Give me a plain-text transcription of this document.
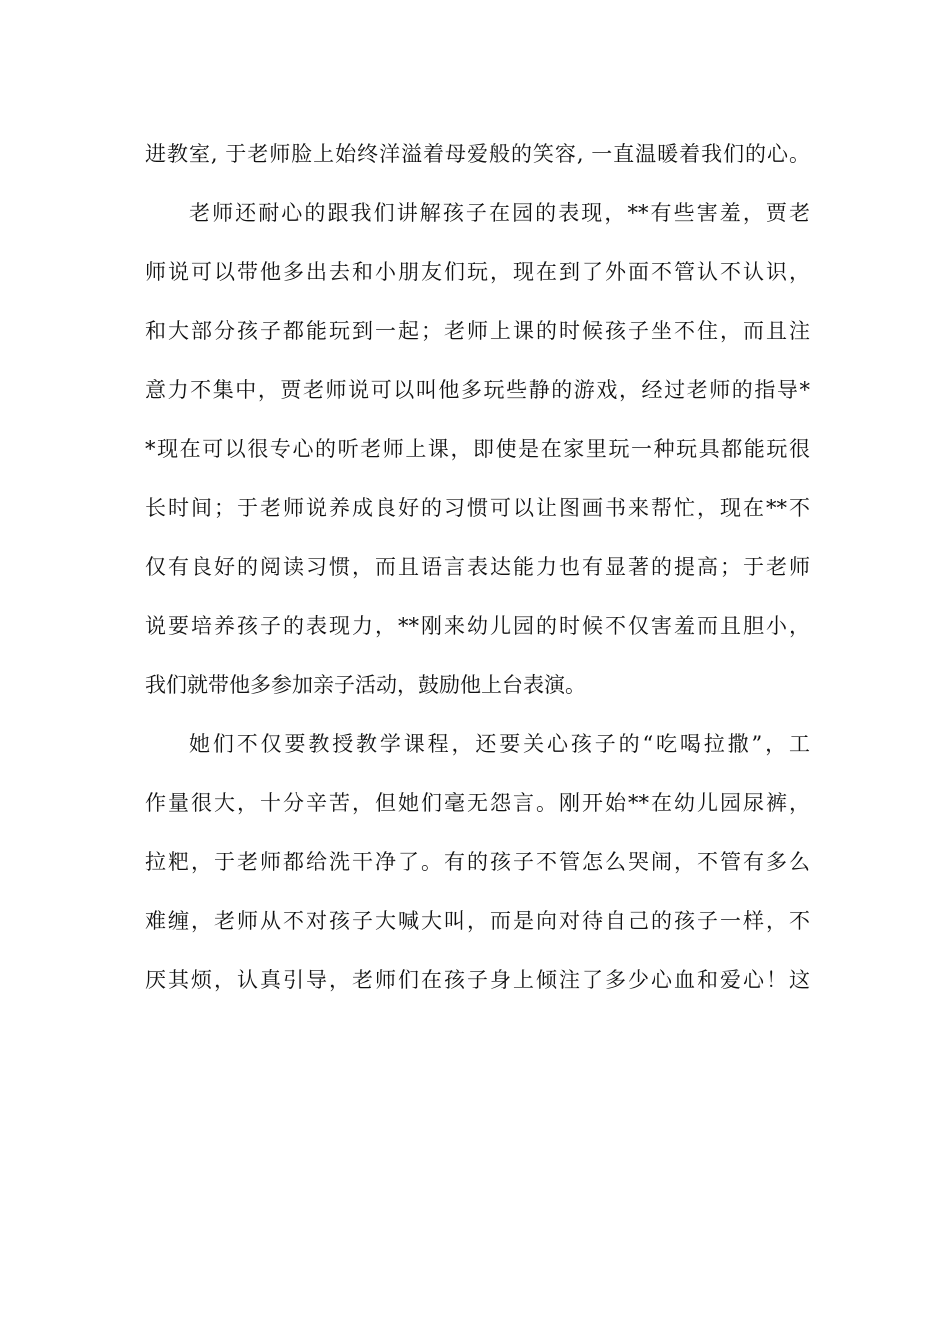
进教室, 于老师脸上始终洋溢着母爱般的笑容, 一直温暖着我们的心。
老师还耐心的跟我们讲解孩子在园的表现，**有些害羞，贾老
师说可以带他多出去和小朋友们玩，现在到了外面不管认不认识，
和大部分孩子都能玩到一起；老师上课的时候孩子坐不住，而且注
意力不集中，贾老师说可以叫他多玩些静的游戏，经过老师的指导*
*现在可以很专心的听老师上课，即使是在家里玩一种玩具都能玩很
长时间；于老师说养成良好的习惯可以让图画书来帮忙，现在**不
仅有良好的阅读习惯，而且语言表达能力也有显著的提高；于老师
说要培养孩子的表现力，**刚来幼儿园的时候不仅害羞而且胆小，
我们就带他多参加亲子活动，鼓励他上台表演。
她们不仅要教授教学课程，还要关心孩子的“吃喝拉撒”，工
作量很大，十分辛苦，但她们毫无怨言。刚开始**在幼儿园尿裤，
拉粑，于老师都给洗干净了。有的孩子不管怎么哭闹，不管有多么
难缠，老师从不对孩子大喊大叫，而是向对待自己的孩子一样，不
厌其烦，认真引导，老师们在孩子身上倾注了多少心血和爱心！这
